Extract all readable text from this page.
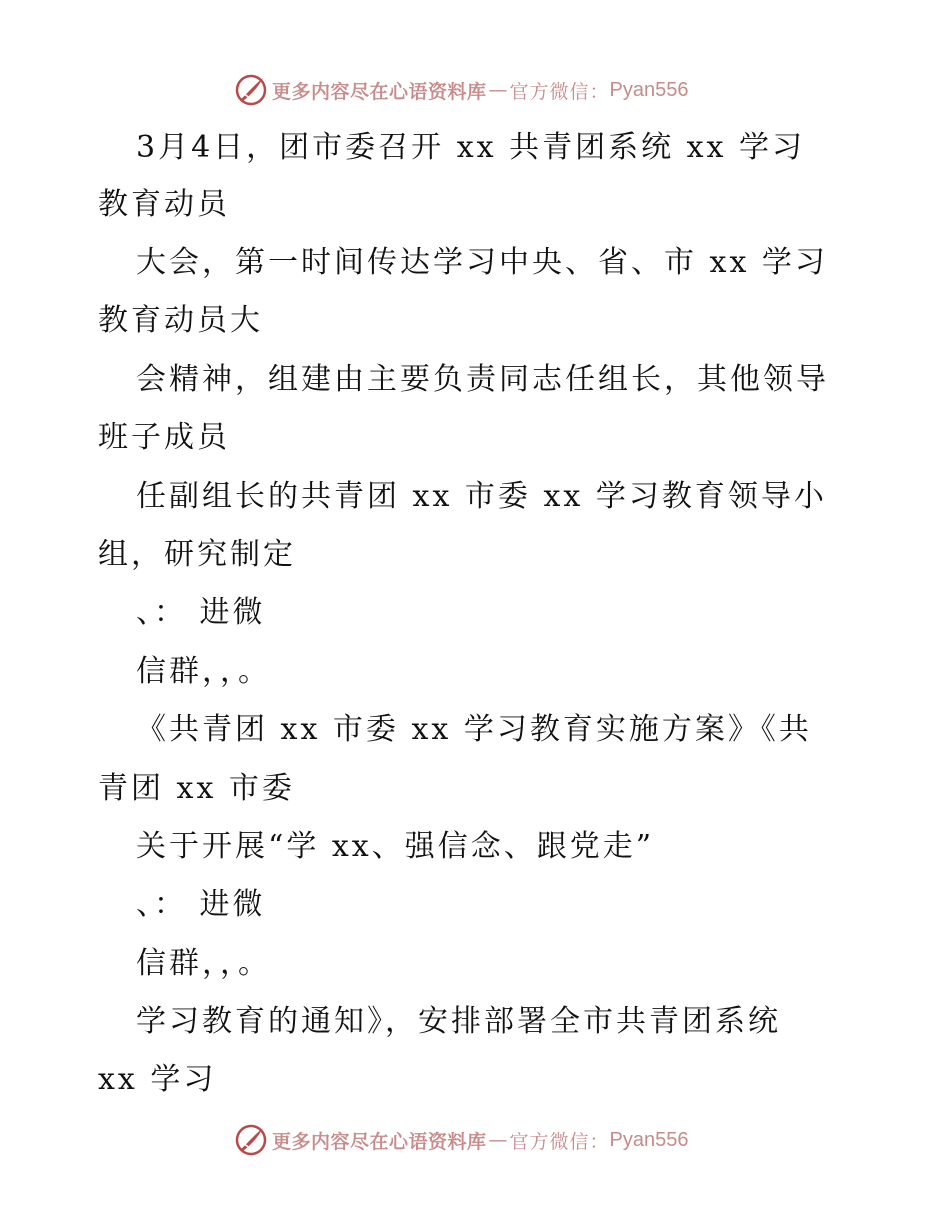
更多内容尽在心语资料库 — 官方微信： Pyan556
3月4日，团市委召开 xx 共青团系统 xx 学习
教育动员
大会，第一时间传达学习中央、省、市 xx 学习
教育动员大
会精神，组建由主要负责同志任组长，其他领导
班子成员
任副组长的共青团 xx 市委 xx 学习教育领导小
组，研究制定
、： 进微
信群，，。
《共青团 xx 市委 xx 学习教育实施方案》《共
青团 xx 市委
关于开展“学 xx、强信念、跟党走”
、： 进微
信群，，。
学习教育的通知》，安排部署全市共青团系统
xx 学习
更多内容尽在心语资料库 — 官方微信： Pyan556
